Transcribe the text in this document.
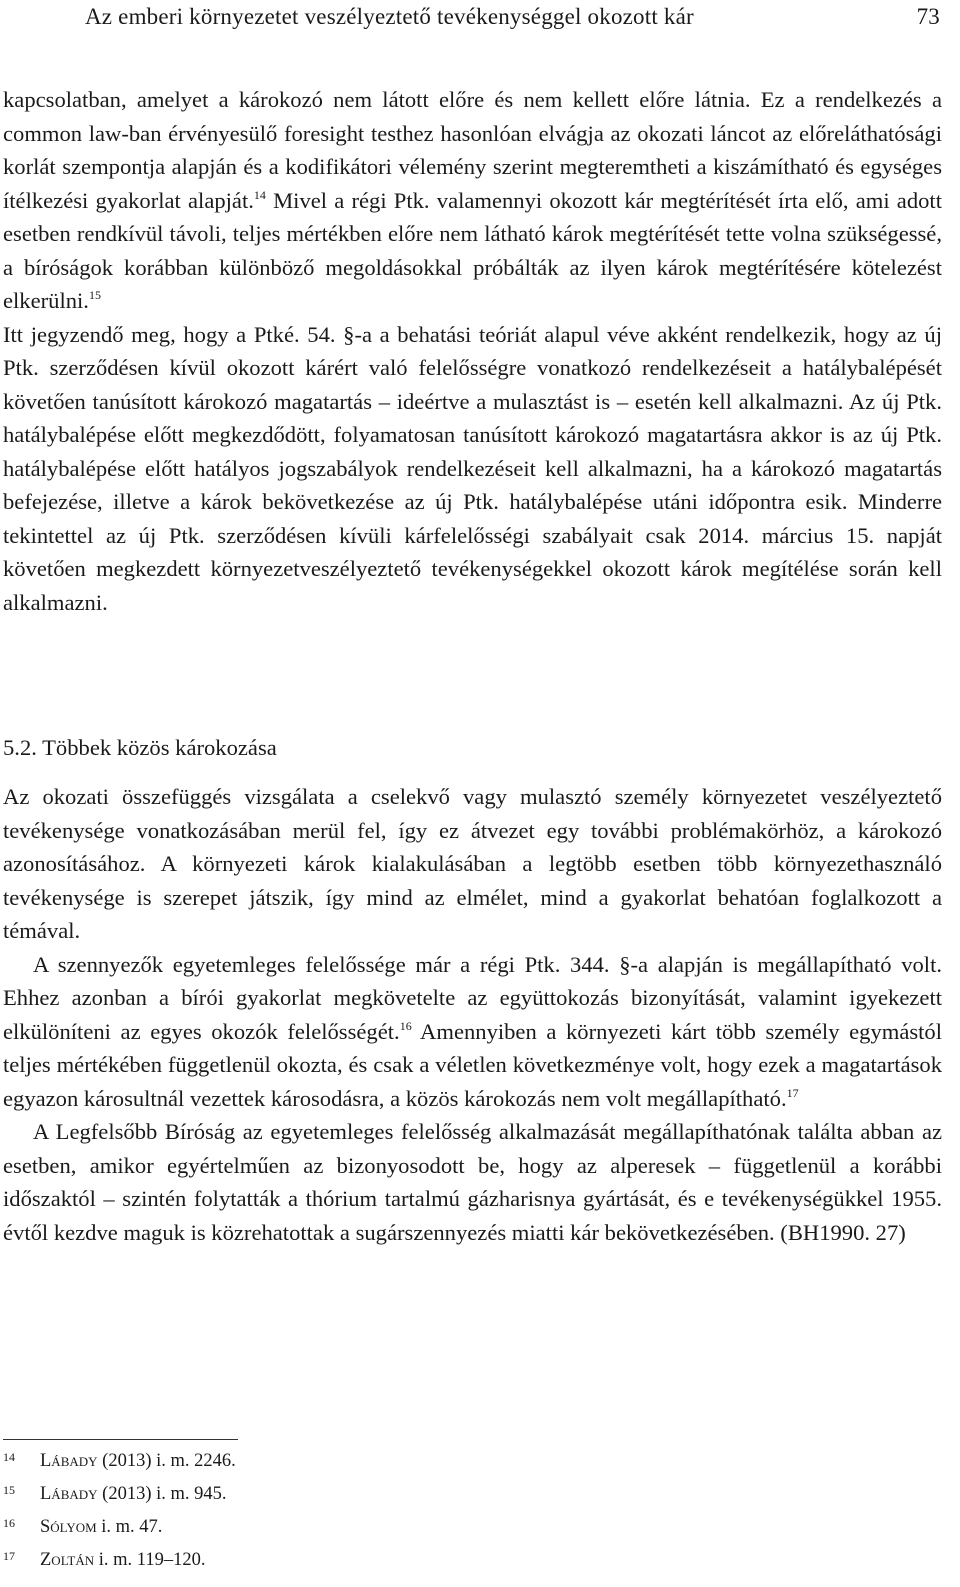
Az emberi környezetet veszélyeztető tevékenységgel okozott kár	73

kapcsolatban, amelyet a károkozó nem látott előre és nem kellett előre látnia. Ez a rendelkezés a common law-ban érvényesülő foresight testhez hasonlóan elvágja az okozati láncot az előreláthatósági korlát szempontja alapján és a kodifikátori vélemény szerint megteremtheti a kiszámítható és egységes ítélkezési gyakorlat alapját.$^{14}$ Mivel a régi Ptk. valamennyi okozott kár megtérítését írta elő, ami adott esetben rendkívül távoli, teljes mértékben előre nem látható károk megtérítését tette volna szükségessé, a bíróságok korábban különböző megoldásokkal próbálták az ilyen károk megtérítésére kötelezést elkerülni.$^{15}$

Itt jegyzendő meg, hogy a Ptké. 54. §-a a behatási teóriát alapul véve akként rendelkezik, hogy az új Ptk. szerződésen kívül okozott kárért való felelősségre vonatkozó rendelkezéseit a hatálybalépését követően tanúsított károkozó magatartás – ideértve a mulasztást is – esetén kell alkalmazni. Az új Ptk. hatálybalépése előtt megkezdődött, folyamatosan tanúsított károkozó magatartásra akkor is az új Ptk. hatálybalépése előtt hatályos jogszabályok rendelkezéseit kell alkalmazni, ha a károkozó magatartás befejezése, illetve a károk bekövetkezése az új Ptk. hatálybalépése utáni időpontra esik. Minderre tekintettel az új Ptk. szerződésen kívüli kárfelelősségi szabályait csak 2014. március 15. napját követően megkezdett környezetveszélyeztető tevékenységekkel okozott károk megítélése során kell alkalmazni.

5.2. Többek közös károkozása

Az okozati összefüggés vizsgálata a cselekvő vagy mulasztó személy környezetet veszélyeztető tevékenysége vonatkozásában merül fel, így ez átvezet egy további problémakörhöz, a károkozó azonosításához. A környezeti károk kialakulásában a legtöbb esetben több környezethasználó tevékenysége is szerepet játszik, így mind az elmélet, mind a gyakorlat behatóan foglalkozott a témával.

A szennyezők egyetemleges felelőssége már a régi Ptk. 344. §-a alapján is megállapítható volt. Ehhez azonban a bírói gyakorlat megkövetelte az együttokozás bizonyítását, valamint igyekezett elkülöníteni az egyes okozók felelősségét.$^{16}$ Amennyiben a környezeti kárt több személy egymástól teljes mértékében függetlenül okozta, és csak a véletlen következménye volt, hogy ezek a magatartások egyazon károsultnál vezettek károsodásra, a közös károkozás nem volt megállapítható.$^{17}$

A Legfelsőbb Bíróság az egyetemleges felelősség alkalmazását megállapíthatónak találta abban az esetben, amikor egyértelműen az bizonyosodott be, hogy az alperesek – függetlenül a korábbi időszaktól – szintén folytatták a thórium tartalmú gázharisnya gyártását, és e tevékenységükkel 1955. évtől kezdve maguk is közrehatottak a sugárszennyezés miatti kár bekövetkezésében. (BH1990. 27)

14 Lábady (2013) i. m. 2246.
15 Lábady (2013) i. m. 945.
16 Sólyom i. m. 47.
17 Zoltán i. m. 119–120.
